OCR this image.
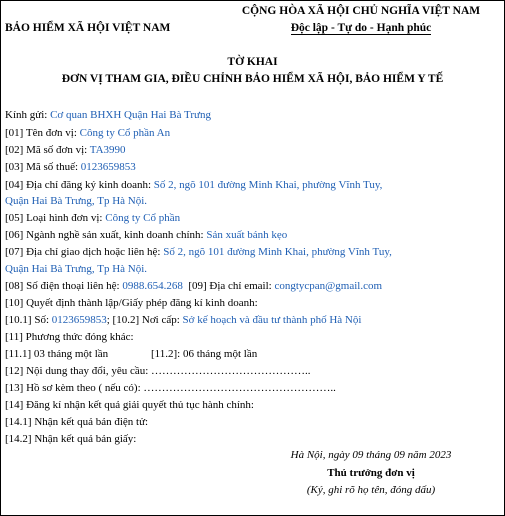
CỘNG HÒA XÃ HỘI CHỦ NGHĨA VIỆT NAM
BẢO HIỂM XÃ HỘI VIỆT NAM	Độc lập - Tự do - Hạnh phúc
TỜ KHAI
ĐƠN VỊ THAM GIA, ĐIỀU CHỈNH BẢO HIỂM XÃ HỘI, BẢO HIỂM Y TẾ
Kính gửi: Cơ quan BHXH Quận Hai Bà Trưng
[01] Tên đơn vị: Công ty Cổ phần An
[02] Mã số đơn vị: TA3990
[03] Mã số thuế: 0123659853
[04] Địa chỉ đăng ký kinh doanh: Số 2, ngõ 101 đường Minh Khai, phường Vĩnh Tuy,
Quận Hai Bà Trưng, Tp Hà Nội.
[05] Loại hình đơn vị: Công ty Cổ phần
[06] Ngành nghề sản xuất, kinh doanh chính: Sản xuất bánh kẹo
[07] Địa chỉ giao dịch hoặc liên hệ: Số 2, ngõ 101 đường Minh Khai, phường Vĩnh Tuy,
Quận Hai Bà Trưng, Tp Hà Nội.
[08] Số điện thoại liên hệ: 0988.654.268  [09] Địa chỉ email: congtycpan@gmail.com
[10] Quyết định thành lập/Giấy phép đăng kí kinh doanh:
[10.1] Số: 0123659853; [10.2] Nơi cấp: Sở kế hoạch và đầu tư thành phố Hà Nội
[11] Phương thức đóng khác:
[11.1] 03 tháng một lần	[11.2]: 06 tháng một lần
[12] Nội dung thay đổi, yêu cầu: ……………………………………..
[13] Hồ sơ kèm theo ( nếu có): ……………………………………………..
[14] Đăng kí nhận kết quả giải quyết thủ tục hành chính:
[14.1] Nhận kết quả bản điện tử:
[14.2] Nhận kết quả bản giấy:
Hà Nội, ngày 09 tháng 09 năm 2023
Thủ trưởng đơn vị
(Ký, ghi rõ họ tên, đóng dấu)
